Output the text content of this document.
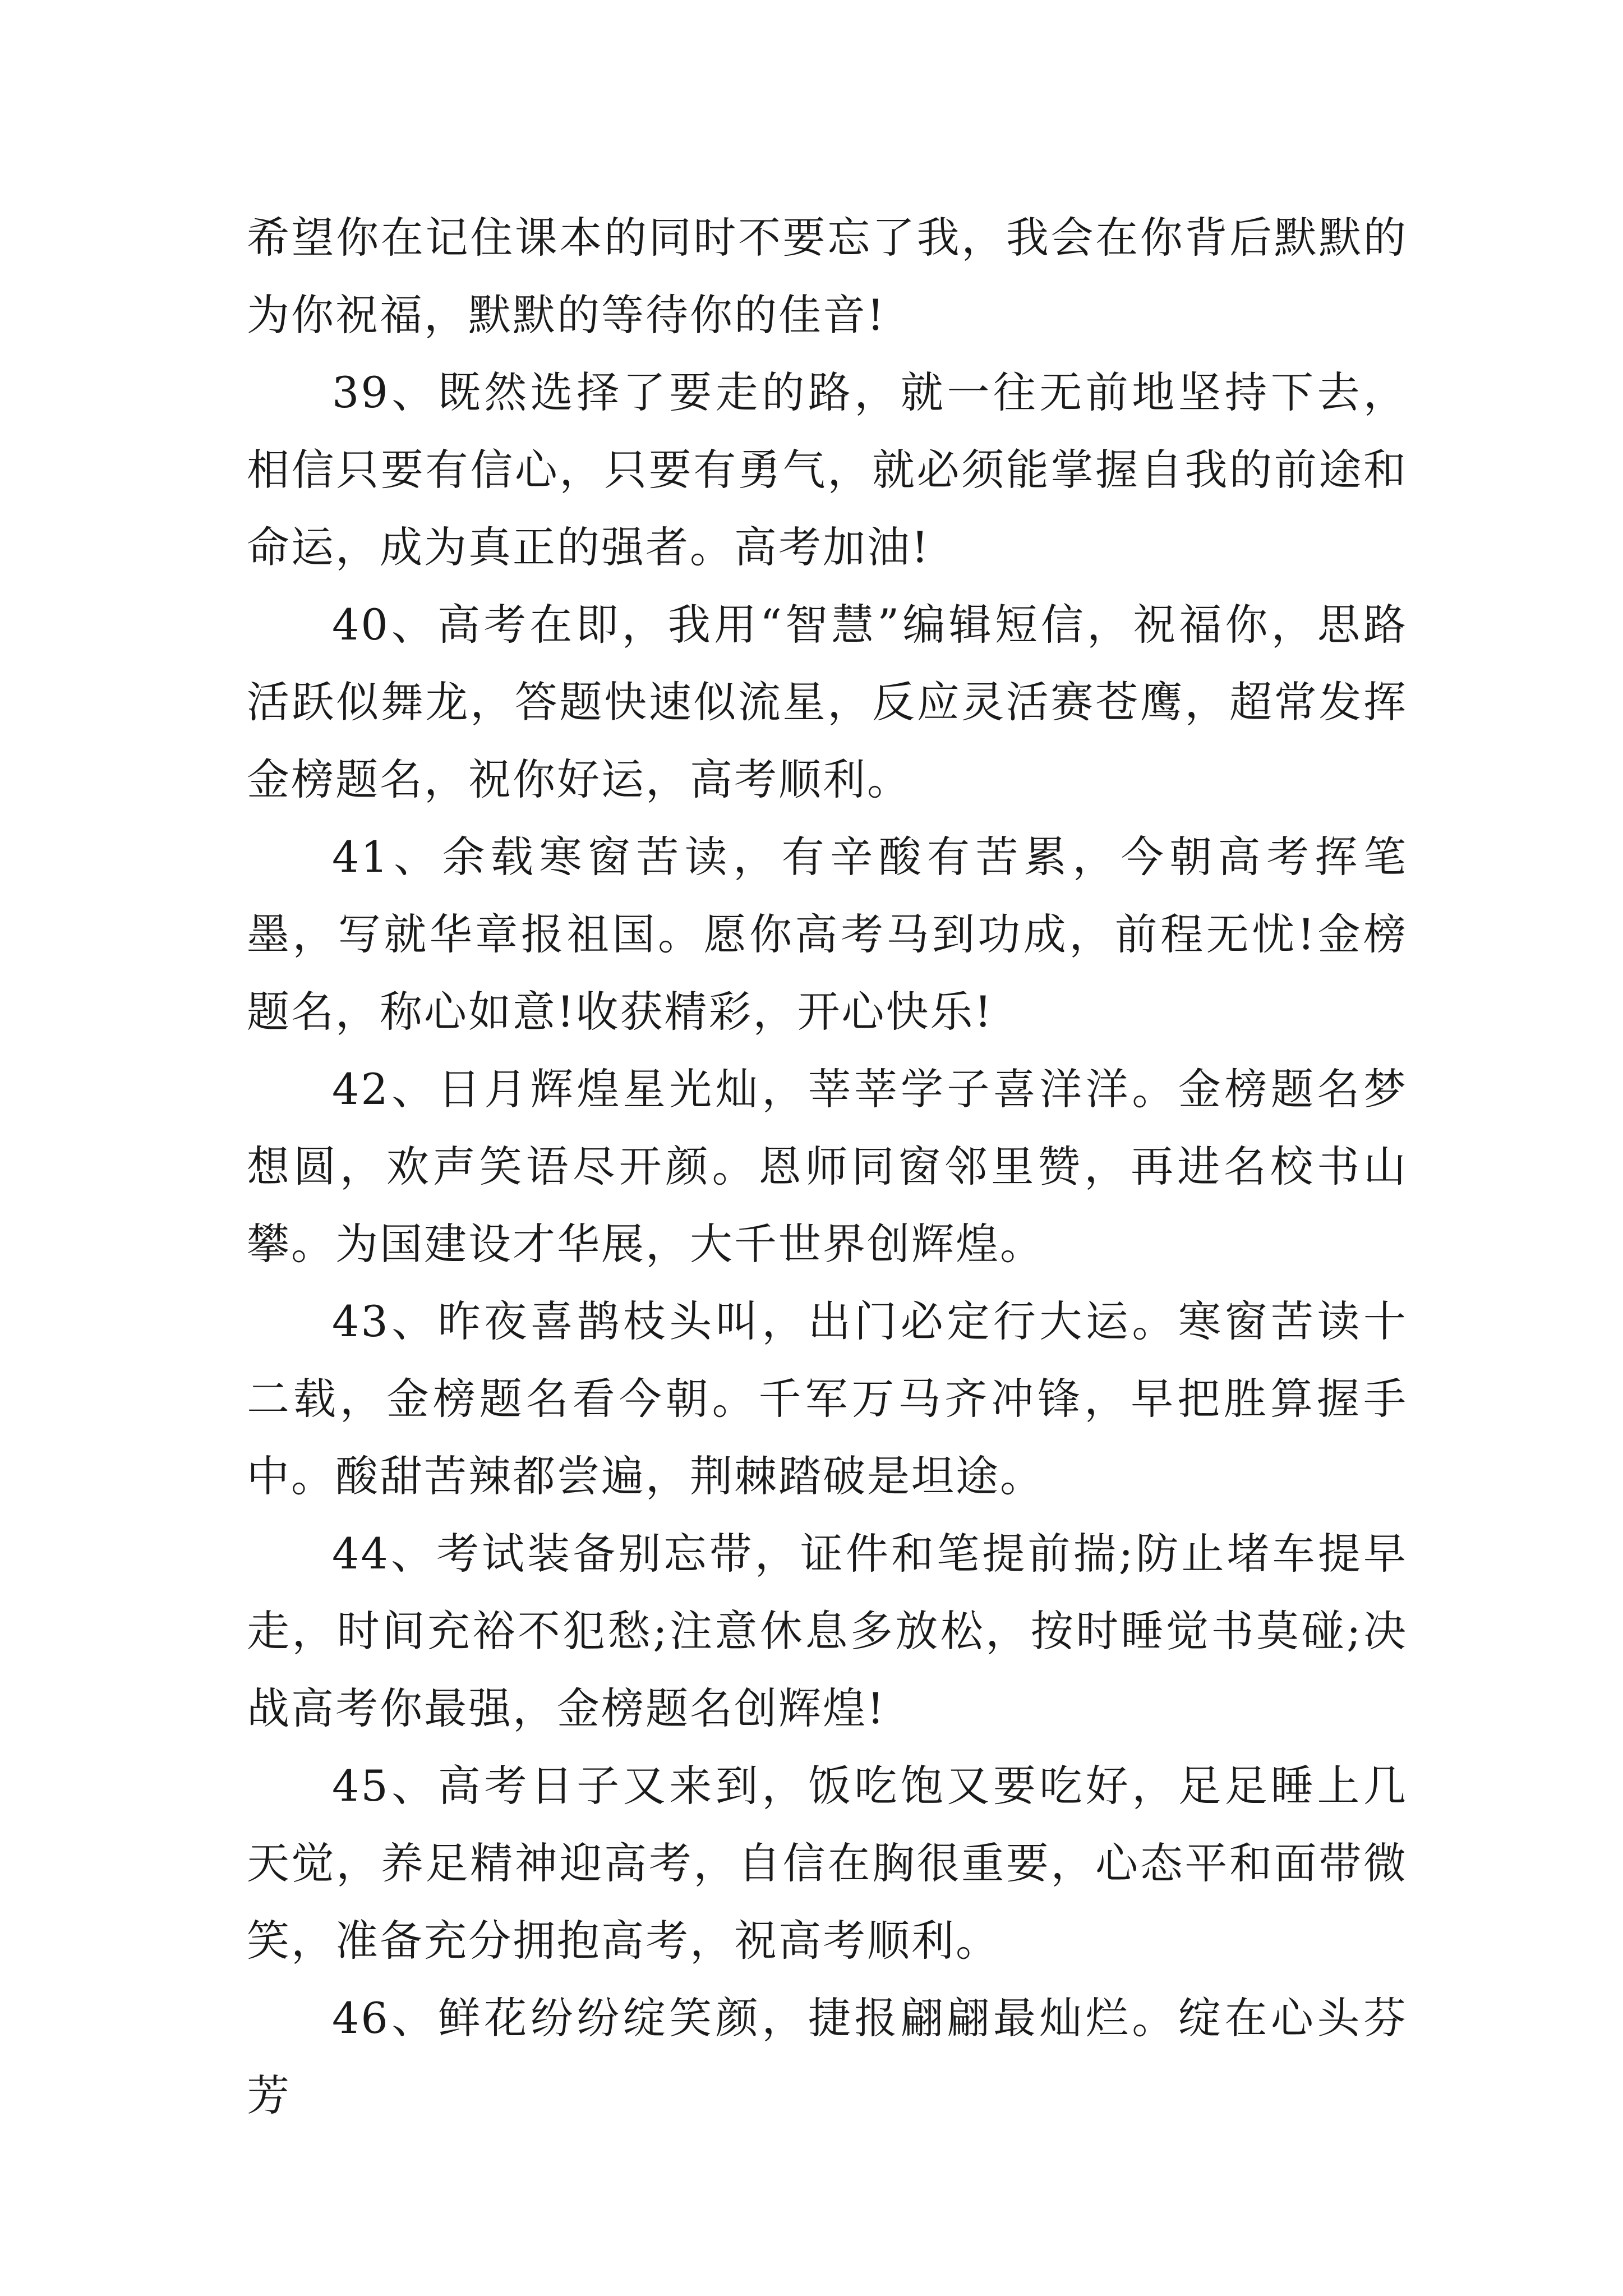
希望你在记住课本的同时不要忘了我，我会在你背后默默的为你祝福，默默的等待你的佳音!

39、既然选择了要走的路，就一往无前地坚持下去，相信只要有信心，只要有勇气，就必须能掌握自我的前途和命运，成为真正的强者。高考加油!

40、高考在即，我用“智慧”编辑短信，祝福你，思路活跃似舞龙，答题快速似流星，反应灵活赛苍鹰，超常发挥金榜题名，祝你好运，高考顺利。

41、余载寒窗苦读，有辛酸有苦累，今朝高考挥笔墨，写就华章报祖国。愿你高考马到功成，前程无忧!金榜题名，称心如意!收获精彩，开心快乐!

42、日月辉煌星光灿，莘莘学子喜洋洋。金榜题名梦想圆，欢声笑语尽开颜。恩师同窗邻里赞，再进名校书山攀。为国建设才华展，大千世界创辉煌。

43、昨夜喜鹊枝头叫，出门必定行大运。寒窗苦读十二载，金榜题名看今朝。千军万马齐冲锋，早把胜算握手中。酸甜苦辣都尝遍，荆棘踏破是坦途。

44、考试装备别忘带，证件和笔提前揣;防止堵车提早走，时间充裕不犯愁;注意休息多放松，按时睡觉书莫碰;决战高考你最强，金榜题名创辉煌!

45、高考日子又来到，饭吃饱又要吃好，足足睡上几天觉，养足精神迎高考，自信在胸很重要，心态平和面带微笑，准备充分拥抱高考，祝高考顺利。

46、鲜花纷纷绽笑颜，捷报翩翩最灿烂。绽在心头芬芳
